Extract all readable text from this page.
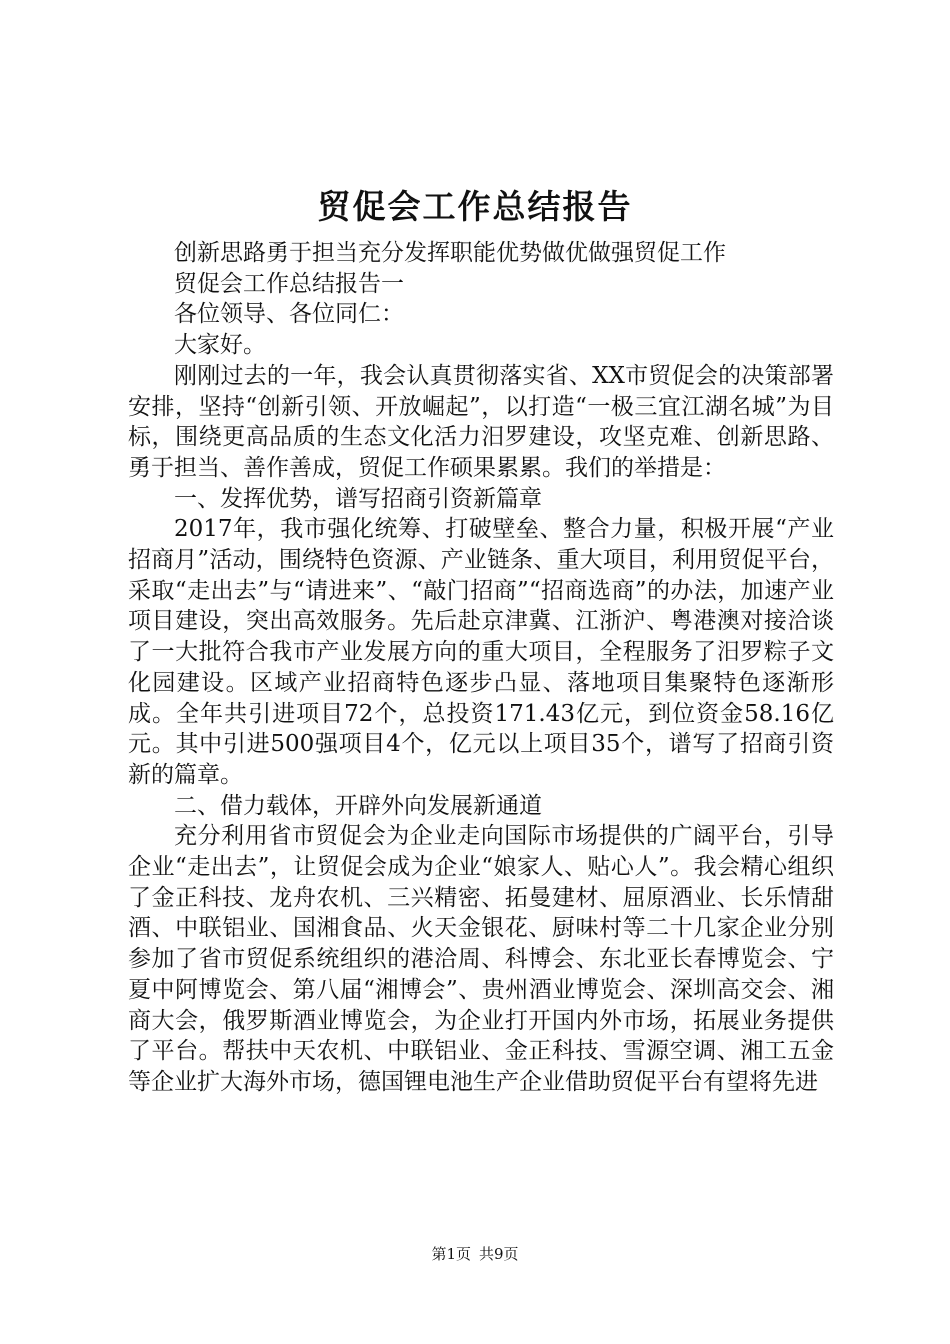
贸促会工作总结报告

创新思路勇于担当充分发挥职能优势做优做强贸促工作

贸促会工作总结报告一

各位领导、各位同仁：

大家好。

刚刚过去的一年，我会认真贯彻落实省、XX市贸促会的决策部署安排，坚持“创新引领、开放崛起”，以打造“一极三宜江湖名城”为目标，围绕更高品质的生态文化活力汨罗建设，攻坚克难、创新思路、勇于担当、善作善成，贸促工作硕果累累。我们的举措是：

一、发挥优势，谱写招商引资新篇章

2017年，我市强化统筹、打破壁垒、整合力量，积极开展“产业招商月”活动，围绕特色资源、产业链条、重大项目，利用贸促平台，采取“走出去”与“请进来”、“敲门招商”“招商选商”的办法，加速产业项目建设，突出高效服务。先后赴京津冀、江浙沪、粤港澳对接洽谈了一大批符合我市产业发展方向的重大项目，全程服务了汨罗粽子文化园建设。区域产业招商特色逐步凸显、落地项目集聚特色逐渐形成。全年共引进项目72个，总投资171.43亿元，到位资金58.16亿元。其中引进500强项目4个，亿元以上项目35个，谱写了招商引资新的篇章。

二、借力载体，开辟外向发展新通道

充分利用省市贸促会为企业走向国际市场提供的广阔平台，引导企业“走出去”，让贸促会成为企业“娘家人、贴心人”。我会精心组织了金正科技、龙舟农机、三兴精密、拓曼建材、屈原酒业、长乐情甜酒、中联铝业、国湘食品、火天金银花、厨味村等二十几家企业分别参加了省市贸促系统组织的港洽周、科博会、东北亚长春博览会、宁夏中阿博览会、第八届“湘博会”、贵州酒业博览会、深圳高交会、湘商大会，俄罗斯酒业博览会，为企业打开国内外市场，拓展业务提供了平台。帮扶中天农机、中联铝业、金正科技、雪源空调、湘工五金等企业扩大海外市场，德国锂电池生产企业借助贸促平台有望将先进

第1页 共9页
